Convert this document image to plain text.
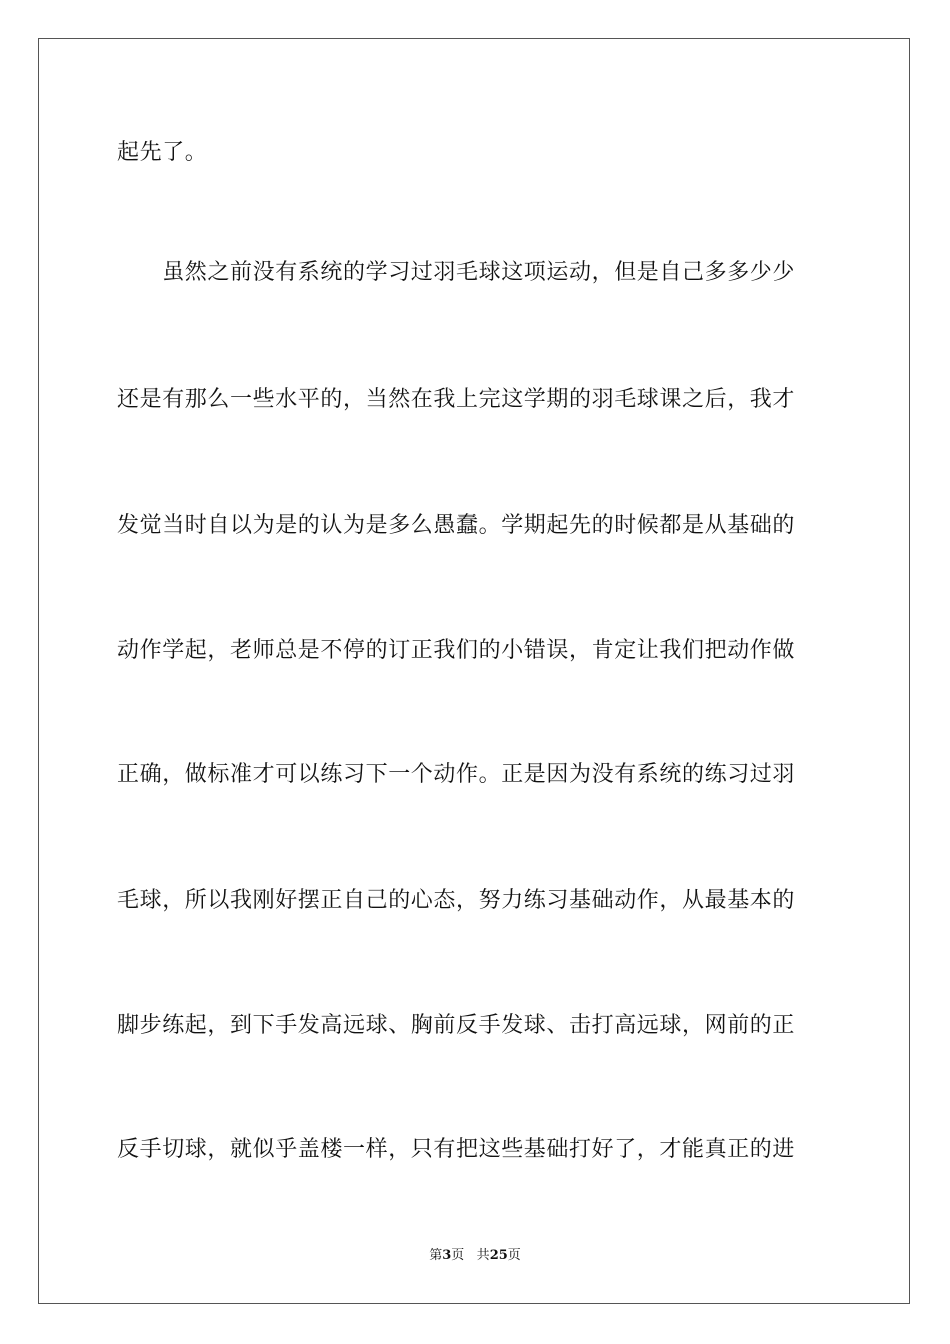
起先了。
　　虽然之前没有系统的学习过羽毛球这项运动，但是自己多多少少
还是有那么一些水平的，当然在我上完这学期的羽毛球课之后，我才
发觉当时自以为是的认为是多么愚蠢。学期起先的时候都是从基础的
动作学起，老师总是不停的订正我们的小错误，肯定让我们把动作做
正确，做标准才可以练习下一个动作。正是因为没有系统的练习过羽
毛球，所以我刚好摆正自己的心态，努力练习基础动作，从最基本的
脚步练起，到下手发高远球、胸前反手发球、击打高远球，网前的正
反手切球，就似乎盖楼一样，只有把这些基础打好了，才能真正的进
第3页 共25页
